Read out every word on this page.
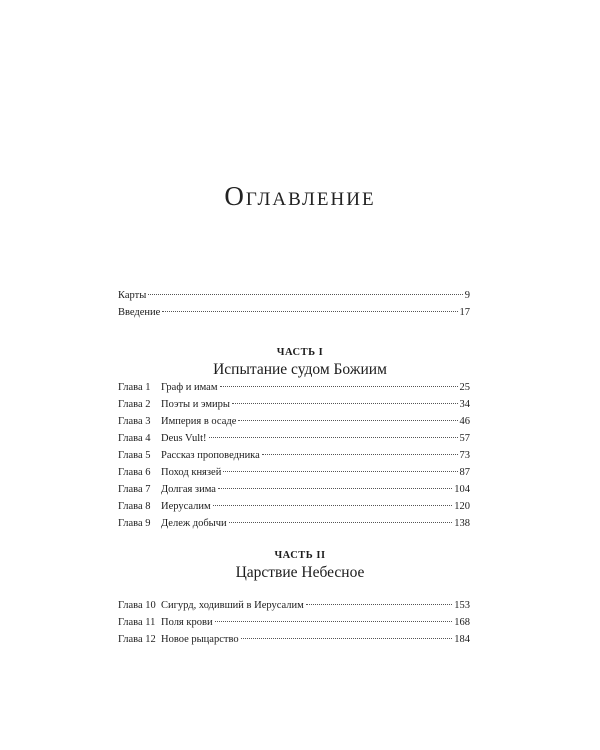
Оглавление
Карты	9
Введение	17
ЧАСТЬ I
Испытание судом Божиим
Глава 1 Граф и имам	25
Глава 2 Поэты и эмиры	34
Глава 3 Империя в осаде	46
Глава 4 Deus Vult!	57
Глава 5 Рассказ проповедника	73
Глава 6 Поход князей	87
Глава 7 Долгая зима	104
Глава 8 Иерусалим	120
Глава 9 Дележ добычи	138
ЧАСТЬ II
Царствие Небесное
Глава 10 Сигурд, ходивший в Иерусалим	153
Глава 11 Поля крови	168
Глава 12 Новое рыцарство	184
